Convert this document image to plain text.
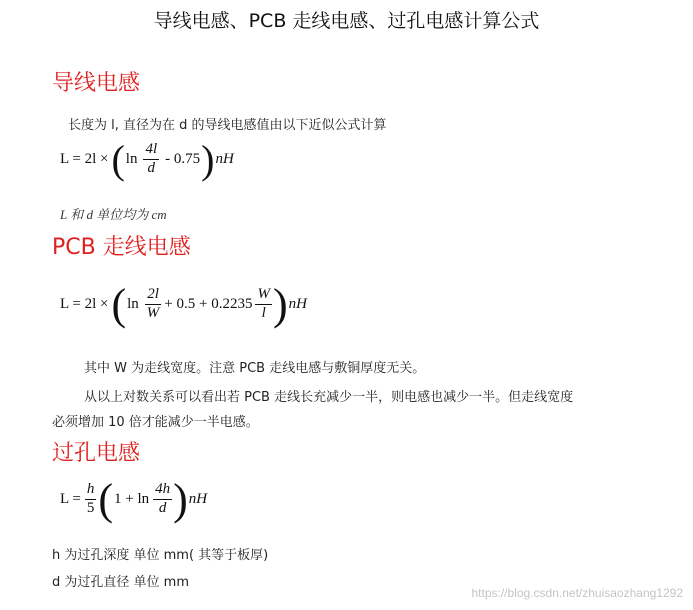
导线电感、PCB 走线电感、过孔电感计算公式
导线电感
长度为 l, 直径为在 d 的导线电感值由以下近似公式计算
L = 2l × ( $\ln \frac{4l}{d} - 0.75$ ) nH
L 和 d 单位均为 cm
PCB 走线电感
L = 2l × ( $\ln \frac{2l}{W} + 0.5 + 0.2235 \frac{W}{l}$ ) nH
其中 W 为走线宽度。注意 PCB 走线电感与敷铜厚度无关。
从以上对数关系可以看出若 PCB 走线长充减少一半，则电感也减少一半。但走线宽度
必须增加 10 倍才能减少一半电感。
过孔电感
$L = \frac{h}{5}$ ( $1 + \ln \frac{4h}{d}$ ) nH
h 为过孔深度 单位 mm( 其等于板厚)
d 为过孔直径 单位 mm
https://blog.csdn.net/zhuisaozhang1292
